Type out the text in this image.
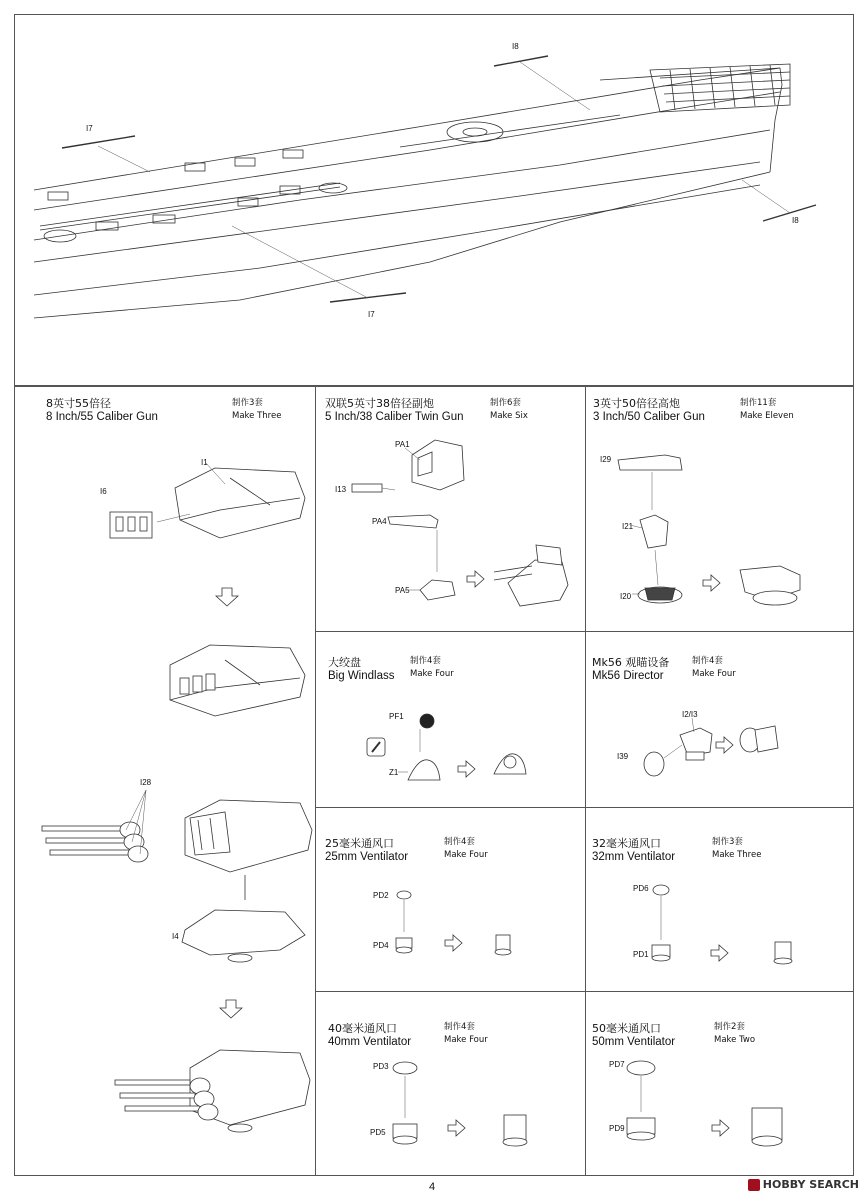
I8
I7
I8
I7
8英寸55倍径
8 Inch/55 Caliber Gun
制作3套
Make Three
I1
I6
I28
I4
双联5英寸38倍径副炮
5 Inch/38 Caliber Twin Gun
制作6套
Make Six
PA1
I13
PA4
PA5
3英寸50倍径高炮
3 Inch/50 Caliber Gun
制作11套
Make Eleven
I29
I21
I20
大绞盘
Big Windlass
制作4套
Make Four
PF1
Z1
Mk56 观瞄设备
Mk56 Director
制作4套
Make Four
I2/I3
I39
25毫米通风口
25mm Ventilator
制作4套
Make Four
PD2
PD4
32毫米通风口
32mm Ventilator
制作3套
Make Three
PD6
PD1
40毫米通风口
40mm Ventilator
制作4套
Make Four
PD3
PD5
50毫米通风口
50mm Ventilator
制作2套
Make Two
PD7
PD9
4	HOBBY SEARCH
